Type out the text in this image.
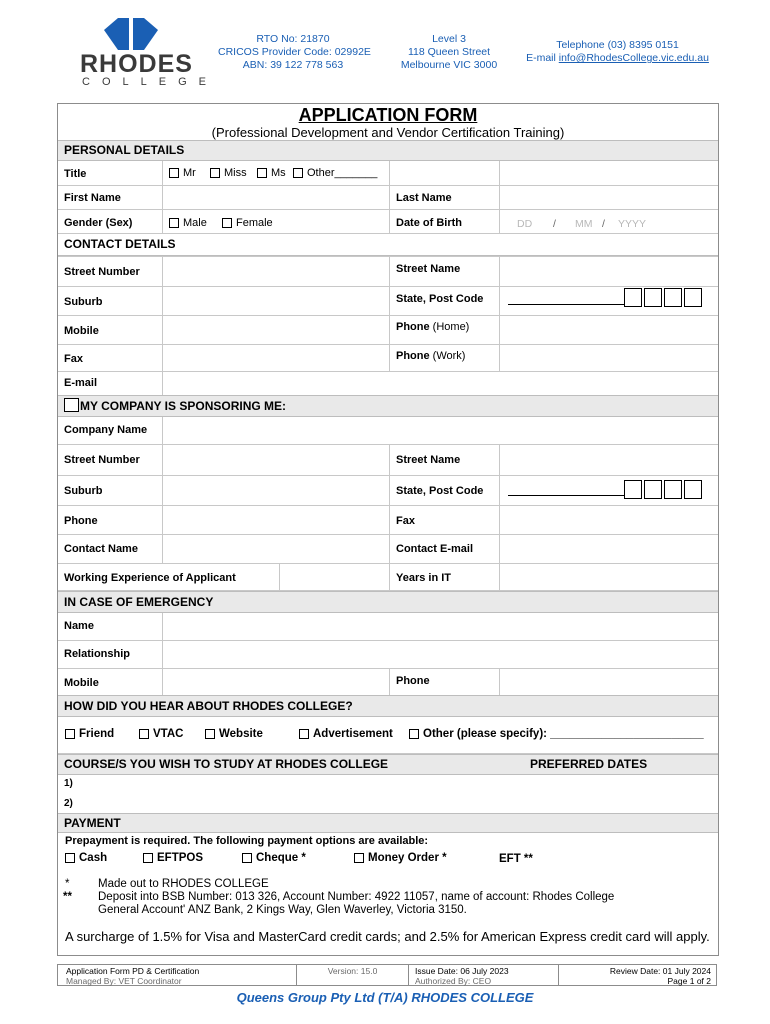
RHODES
COLLEGE
RTO No: 21870
CRICOS Provider Code: 02992E
ABN: 39 122 778 563
Level 3
118 Queen Street
Melbourne VIC 3000
Telephone (03) 8395 0151
E-mail info@RhodesCollege.vic.edu.au
APPLICATION FORM
(Professional Development and Vendor Certification Training)
PERSONAL DETAILS
Title	Mr	Miss Ms Other_______
First Name	Last Name
Gender (Sex)	Male	Female	Date of Birth	DD / MM / YYYY
CONTACT DETAILS
Street Number	Street Name
Suburb	State, Post Code
Mobile	Phone (Home)
Fax	Phone (Work)
E-mail
MY COMPANY IS SPONSORING ME:
Company Name
Street Number	Street Name
Suburb	State, Post Code
Phone	Fax
Contact Name	Contact E-mail
Working Experience of Applicant	Years in IT
IN CASE OF EMERGENCY
Name
Relationship
Mobile	Phone
HOW DID YOU HEAR ABOUT RHODES COLLEGE?
Friend	VTAC	Website	Advertisement	Other (please specify): ________________________
COURSE/S YOU WISH TO STUDY AT RHODES COLLEGE	PREFERRED DATES
1)
2)
PAYMENT
Prepayment is required. The following payment options are available:
Cash	EFTPOS	Cheque *	Money Order *	EFT **
* Made out to RHODES COLLEGE
** Deposit into BSB Number: 013 326, Account Number: 4922 11057, name of account: Rhodes College
General Account' ANZ Bank, 2 Kings Way, Glen Waverley, Victoria 3150.
A surcharge of 1.5% for Visa and MasterCard credit cards; and 2.5% for American Express credit card will apply.
Application Form PD & Certification
Managed By: VET Coordinator
Version: 15.0	Issue Date: 06 July 2023
Authorized By: CEO
Review Date: 01 July 2024
Page 1 of 2
Queens Group Pty Ltd (T/A) RHODES COLLEGE
